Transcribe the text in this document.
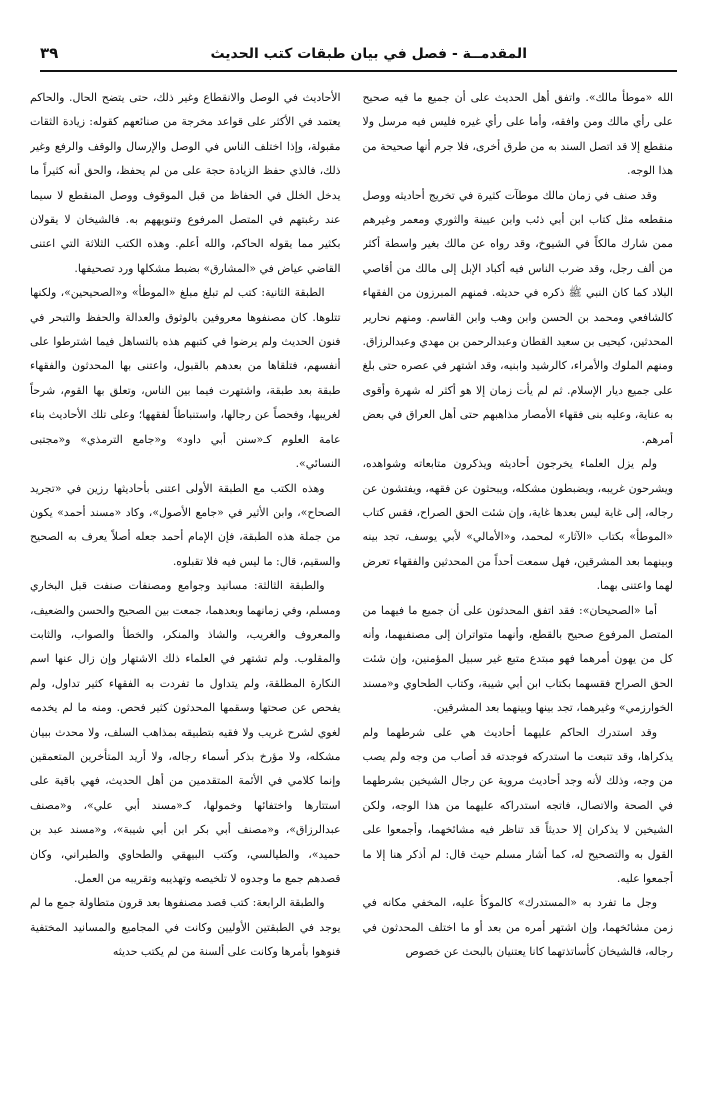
المقدمــة - فصل في بيان طبقات كتب الحديث
٣٩

الله «موطأ مالك». واتفق أهل الحديث على أن جميع ما فيه صحيح على رأي مالك ومن وافقه، وأما على رأي غيره فليس فيه مرسل ولا منقطع إلا قد اتصل السند به من طرق أخرى، فلا جرم أنها صحيحة من هذا الوجه.

وقد صنف في زمان مالك موطآت كثيرة في تخريج أحاديثه ووصل منقطعه مثل كتاب ابن أبي ذئب وابن عيينة والثوري ومعمر وغيرهم ممن شارك مالكاً في الشيوخ، وقد رواه عن مالك بغير واسطة أكثر من ألف رجل، وقد ضرب الناس فيه أكباد الإبل إلى مالك من أقاصي البلاد كما كان النبي ﷺ ذكره في حديثه. فمنهم المبرزون من الفقهاء كالشافعي ومحمد بن الحسن وابن وهب وابن القاسم. ومنهم نحارير المحدثين، كيحيى بن سعيد القطان وعبدالرحمن بن مهدي وعبدالرزاق. ومنهم الملوك والأمراء، كالرشيد وابنيه، وقد اشتهر في عصره حتى بلغ على جميع ديار الإسلام. ثم لم يأت زمان إلا هو أكثر له شهرة وأقوى به عناية، وعليه بنى فقهاء الأمصار مذاهبهم حتى أهل العراق في بعض أمرهم.

ولم يزل العلماء يخرجون أحاديثه ويذكرون متابعاته وشواهده، ويشرحون غريبه، ويضبطون مشكله، ويبحثون عن فقهه، ويفتشون عن رجاله، إلى غاية ليس بعدها غاية، وإن شئت الحق الصراح، فقس كتاب «الموطأ» بكتاب «الآثار» لمحمد، و«الأمالي» لأبي يوسف، تجد بينه وبينهما بعد المشرقين، فهل سمعت أحداً من المحدثين والفقهاء تعرض لهما واعتنى بهما.

أما «الصحيحان»: فقد اتفق المحدثون على أن جميع ما فيهما من المتصل المرفوع صحيح بالقطع، وأنهما متواتران إلى مصنفيهما، وأنه كل من يهون أمرهما فهو مبتدع متبع غير سبيل المؤمنين، وإن شئت الحق الصراح فقسهما بكتاب ابن أبي شيبة، وكتاب الطحاوي و«مسند الخوارزمي» وغيرهما، تجد بينها وبينهما بعد المشرقين.

وقد استدرك الحاكم عليهما أحاديث هي على شرطهما ولم يذكراها، وقد تتبعت ما استدركه فوجدته قد أصاب من وجه ولم يصب من وجه، وذلك لأنه وجد أحاديث مروية عن رجال الشيخين بشرطهما في الصحة والاتصال، فاتجه استدراكه عليهما من هذا الوجه، ولكن الشيخين لا يذكران إلا حديثاً قد تناظر فيه مشائخهما، وأجمعوا على القول به والتصحيح له، كما أشار مسلم حيث قال: لم أذكر هنا إلا ما أجمعوا عليه.

وجل ما تفرد به «المستدرك» كالموكأ عليه، المخفي مكانه في زمن مشائخهما، وإن اشتهر أمره من بعد أو ما اختلف المحدثون في رجاله، فالشيخان كأساتذتهما كانا يعتنيان بالبحث عن خصوص

الأحاديث في الوصل والانقطاع وغير ذلك، حتى يتضح الحال. والحاكم يعتمد في الأكثر على قواعد مخرجة من صنائعهم كقوله: زيادة الثقات مقبولة، وإذا اختلف الناس في الوصل والإرسال والوقف والرفع وغير ذلك، فالذي حفظ الزيادة حجة على من لم يحفظ، والحق أنه كثيراً ما يدخل الخلل في الحفاظ من قبل الموقوف ووصل المنقطع لا سيما عند رغبتهم في المتصل المرفوع وتنويههم به. فالشيخان لا يقولان بكثير مما يقوله الحاكم، والله أعلم. وهذه الكتب الثلاثة التي اعتنى القاضي عياض في «المشارق» بضبط مشكلها ورد تصحيفها.

الطبقة الثانية: كتب لم تبلغ مبلغ «الموطأ» و«الصحيحين»، ولكنها تتلوها. كان مصنفوها معروفين بالوثوق والعدالة والحفظ والتبحر في فنون الحديث ولم يرضوا في كتبهم هذه بالتساهل فيما اشترطوا على أنفسهم، فتلقاها من بعدهم بالقبول، واعتنى بها المحدثون والفقهاء طبقة بعد طبقة، واشتهرت فيما بين الناس، وتعلق بها القوم، شرحاً لغريبها، وفحصاً عن رجالها، واستنباطاً لفقهها؛ وعلى تلك الأحاديث بناء عامة العلوم كـ«سنن أبي داود» و«جامع الترمذي» و«مجتبى النسائي».

وهذه الكتب مع الطبقة الأولى اعتنى بأحاديثها رزين في «تجريد الصحاح»، وابن الأثير في «جامع الأصول»، وكاد «مسند أحمد» يكون من جملة هذه الطبقة، فإن الإمام أحمد جعله أصلاً يعرف به الصحيح والسقيم، قال: ما ليس فيه فلا تقبلوه.

والطبقة الثالثة: مسانيد وجوامع ومصنفات صنفت قبل البخاري ومسلم، وفي زمانهما وبعدهما، جمعت بين الصحيح والحسن والضعيف، والمعروف والغريب، والشاذ والمنكر، والخطأ والصواب، والثابت والمقلوب. ولم تشتهر في العلماء ذلك الاشتهار وإن زال عنها اسم النكارة المطلقة، ولم يتداول ما تفردت به الفقهاء كثير تداول، ولم يفحص عن صحتها وسقمها المحدثون كثير فحص. ومنه ما لم يخدمه لغوي لشرح غريب ولا فقيه بتطبيقه بمذاهب السلف، ولا محدث ببيان مشكله، ولا مؤرخ بذكر أسماء رجاله، ولا أريد المتأخرين المتعمقين وإنما كلامي في الأئمة المتقدمين من أهل الحديث، فهي باقية على استتارها واختفائها وخمولها، كـ«مسند أبي علي»، و«مصنف عبدالرزاق»، و«مصنف أبي بكر ابن أبي شيبة»، و«مسند عبد بن حميد»، والطيالسي، وكتب البيهقي والطحاوي والطبراني، وكان قصدهم جمع ما وجدوه لا تلخيصه وتهذيبه وتقريبه من العمل.

والطبقة الرابعة: كتب قصد مصنفوها بعد قرون متطاولة جمع ما لم يوجد في الطبقتين الأوليين وكانت في المجاميع والمسانيد المختفية فنوهوا بأمرها وكانت على ألسنة من لم يكتب حديثه
